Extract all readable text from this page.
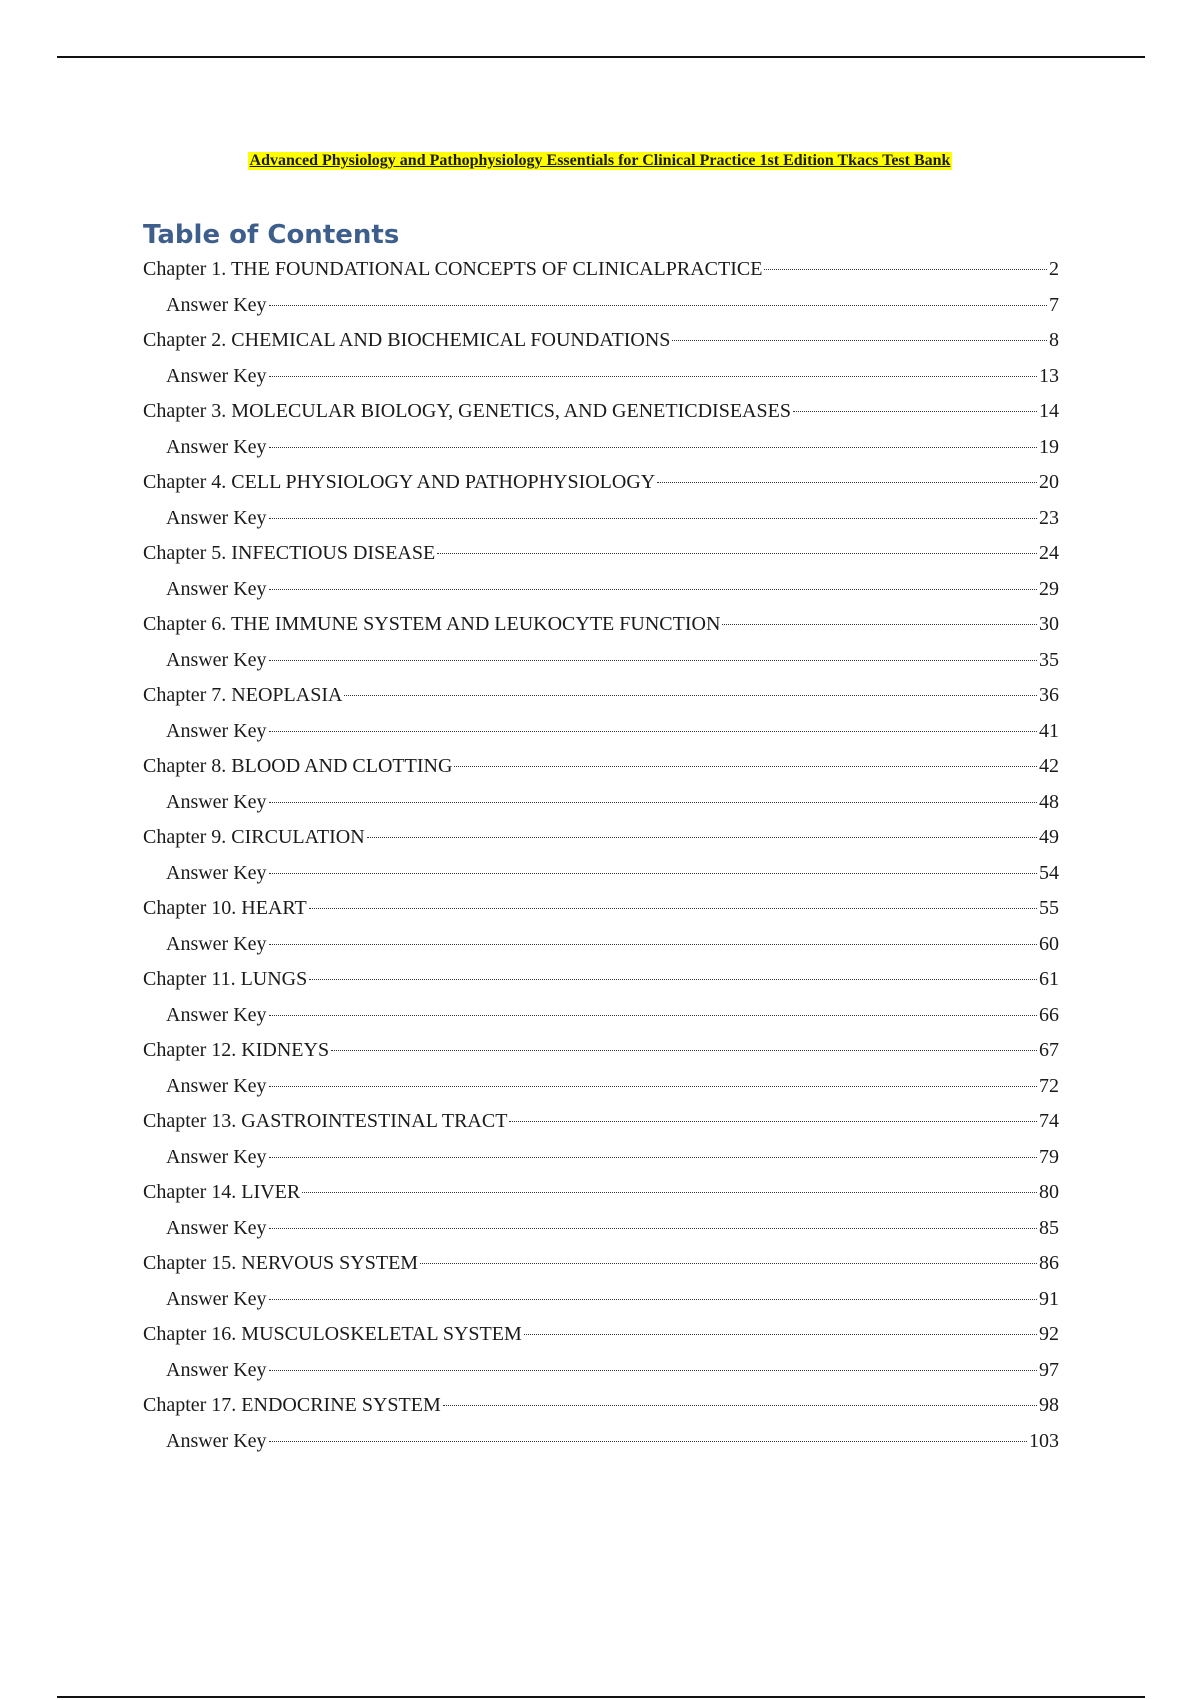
Advanced Physiology and Pathophysiology Essentials for Clinical Practice 1st Edition Tkacs Test Bank
Table of Contents
Chapter 1. THE FOUNDATIONAL CONCEPTS OF CLINICALPRACTICE	2
Answer Key	7
Chapter 2. CHEMICAL AND BIOCHEMICAL FOUNDATIONS	8
Answer Key	13
Chapter 3. MOLECULAR BIOLOGY, GENETICS, AND GENETICDISEASES	14
Answer Key	19
Chapter 4. CELL PHYSIOLOGY AND PATHOPHYSIOLOGY	20
Answer Key	23
Chapter 5. INFECTIOUS DISEASE	24
Answer Key	29
Chapter 6. THE IMMUNE SYSTEM AND LEUKOCYTE FUNCTION	30
Answer Key	35
Chapter 7. NEOPLASIA	36
Answer Key	41
Chapter 8. BLOOD AND CLOTTING	42
Answer Key	48
Chapter 9. CIRCULATION	49
Answer Key	54
Chapter 10. HEART	55
Answer Key	60
Chapter 11. LUNGS	61
Answer Key	66
Chapter 12. KIDNEYS	67
Answer Key	72
Chapter 13. GASTROINTESTINAL TRACT	74
Answer Key	79
Chapter 14. LIVER	80
Answer Key	85
Chapter 15. NERVOUS SYSTEM	86
Answer Key	91
Chapter 16. MUSCULOSKELETAL SYSTEM	92
Answer Key	97
Chapter 17. ENDOCRINE SYSTEM	98
Answer Key	103
